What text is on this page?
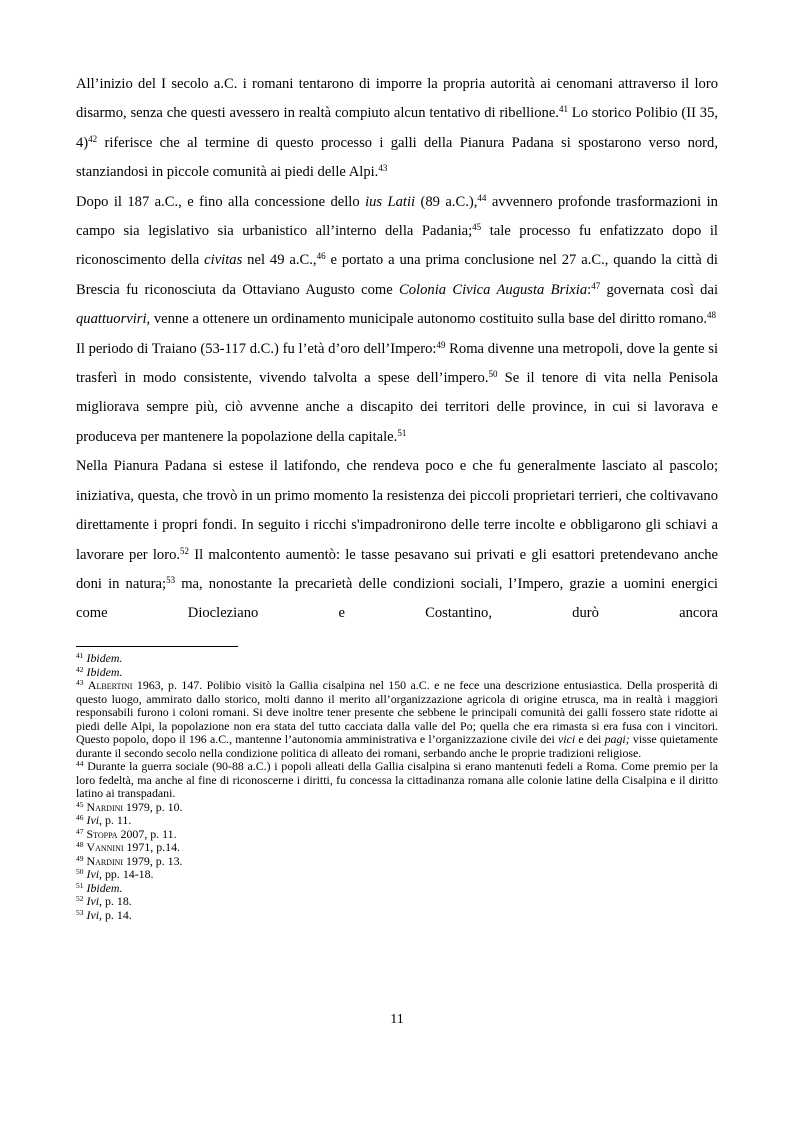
All’inizio del I secolo a.C. i romani tentarono di imporre la propria autorità ai cenomani attraverso il loro disarmo, senza che questi avessero in realtà compiuto alcun tentativo di ribellione.$^{41}$ Lo storico Polibio (II 35, 4)$^{42}$ riferisce che al termine di questo processo i galli della Pianura Padana si spostarono verso nord, stanziandosi in piccole comunità ai piedi delle Alpi.$^{43}$

Dopo il 187 a.C., e fino alla concessione dello ius Latii (89 a.C.),$^{44}$ avvennero profonde trasformazioni in campo sia legislativo sia urbanistico all’interno della Padania;$^{45}$ tale processo fu enfatizzato dopo il riconoscimento della civitas nel 49 a.C.,$^{46}$ e portato a una prima conclusione nel 27 a.C., quando la città di Brescia fu riconosciuta da Ottaviano Augusto come Colonia Civica Augusta Brixia:$^{47}$ governata così dai quattuorviri, venne a ottenere un ordinamento municipale autonomo costituito sulla base del diritto romano.$^{48}$

Il periodo di Traiano (53-117 d.C.) fu l’età d’oro dell’Impero:$^{49}$ Roma divenne una metropoli, dove la gente si trasferì in modo consistente, vivendo talvolta a spese dell’impero.$^{50}$ Se il tenore di vita nella Penisola migliorava sempre più, ciò avvenne anche a discapito dei territori delle province, in cui si lavorava e produceva per mantenere la popolazione della capitale.$^{51}$

Nella Pianura Padana si estese il latifondo, che rendeva poco e che fu generalmente lasciato al pascolo; iniziativa, questa, che trovò in un primo momento la resistenza dei piccoli proprietari terrieri, che coltivavano direttamente i propri fondi. In seguito i ricchi s'impadronirono delle terre incolte e obbligarono gli schiavi a lavorare per loro.$^{52}$ Il malcontento aumentò: le tasse pesavano sui privati e gli esattori pretendevano anche doni in natura;$^{53}$ ma, nonostante la precarietà delle condizioni sociali, l’Impero, grazie a uomini energici come Diocleziano e Costantino, durò ancora

$^{41}$ Ibidem.

$^{42}$ Ibidem.

$^{43}$ Albertini 1963, p. 147. Polibio visitò la Gallia cisalpina nel 150 a.C. e ne fece una descrizione entusiastica. Della prosperità di questo luogo, ammirato dallo storico, molti danno il merito all’organizzazione agricola di origine etrusca, ma in realtà i maggiori responsabili furono i coloni romani. Si deve inoltre tener presente che sebbene le principali comunità dei galli fossero state ridotte ai piedi delle Alpi, la popolazione non era stata del tutto cacciata dalla valle del Po; quella che era rimasta si era fusa con i vincitori. Questo popolo, dopo il 196 a.C., mantenne l’autonomia amministrativa e l’organizzazione civile dei vici e dei pagi; visse quietamente durante il secondo secolo nella condizione politica di alleato dei romani, serbando anche le proprie tradizioni religiose.

$^{44}$ Durante la guerra sociale (90-88 a.C.) i popoli alleati della Gallia cisalpina si erano mantenuti fedeli a Roma. Come premio per la loro fedeltà, ma anche al fine di riconoscerne i diritti, fu concessa la cittadinanza romana alle colonie latine della Cisalpina e il diritto latino ai transpadani.

$^{45}$ Nardini 1979, p. 10.

$^{46}$ Ivi, p. 11.

$^{47}$ Stoppa 2007, p. 11.

$^{48}$ Vannini 1971, p.14.

$^{49}$ Nardini 1979, p. 13.

$^{50}$ Ivi, pp. 14-18.

$^{51}$ Ibidem.

$^{52}$ Ivi, p. 18.

$^{53}$ Ivi, p. 14.

11
